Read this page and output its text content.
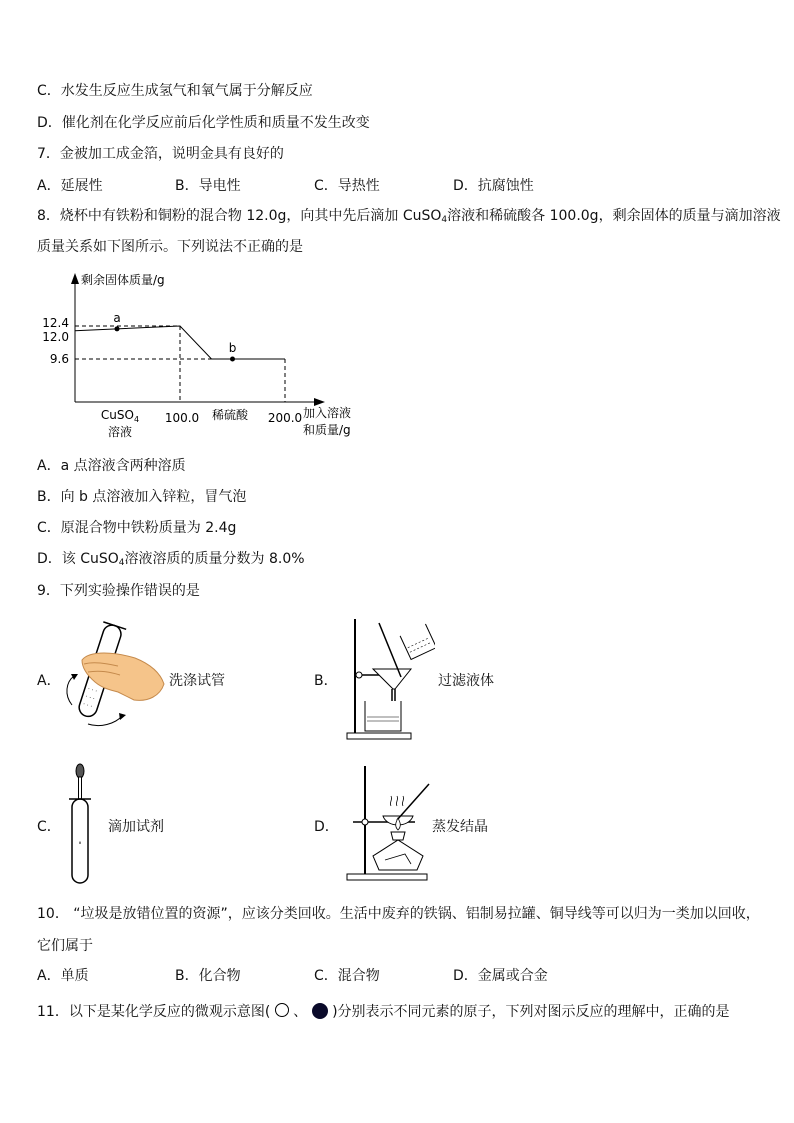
C．水发生反应生成氢气和氧气属于分解反应
D．催化剂在化学反应前后化学性质和质量不发生改变
7．金被加工成金箔，说明金具有良好的
A．延展性	B．导电性	C．导热性	D．抗腐蚀性
8．烧杯中有铁粉和铜粉的混合物 12.0g，向其中先后滴加 CuSO$_4$溶液和稀硫酸各 100.0g，剩余固体的质量与滴加溶液
质量关系如下图所示。下列说法不正确的是
剩余固体质量/g
加入溶液
和质量/g
12.4
12.0
9.6
100.0	200.0
CuSO$_4$
溶液
稀硫酸
a
b
A．a 点溶液含两种溶质
B．向 b 点溶液加入锌粒，冒气泡
C．原混合物中铁粉质量为 2.4g
D．该 CuSO$_4$溶液溶质的质量分数为 8.0%
9．下列实验操作错误的是
A．
· · ·
· · ·
· · ·
洗涤试管	B．	过滤液体
C．	滴加试剂	D．	蒸发结晶
10． “垃圾是放错位置的资源”，应该分类回收。生活中废弃的铁锅、铝制易拉罐、铜导线等可以归为一类加以回收，
它们属于
A．单质	B．化合物	C．混合物	D．金属或合金
11．以下是某化学反应的微观示意图( 、 )分别表示不同元素的原子，下列对图示反应的理解中，正确的是
